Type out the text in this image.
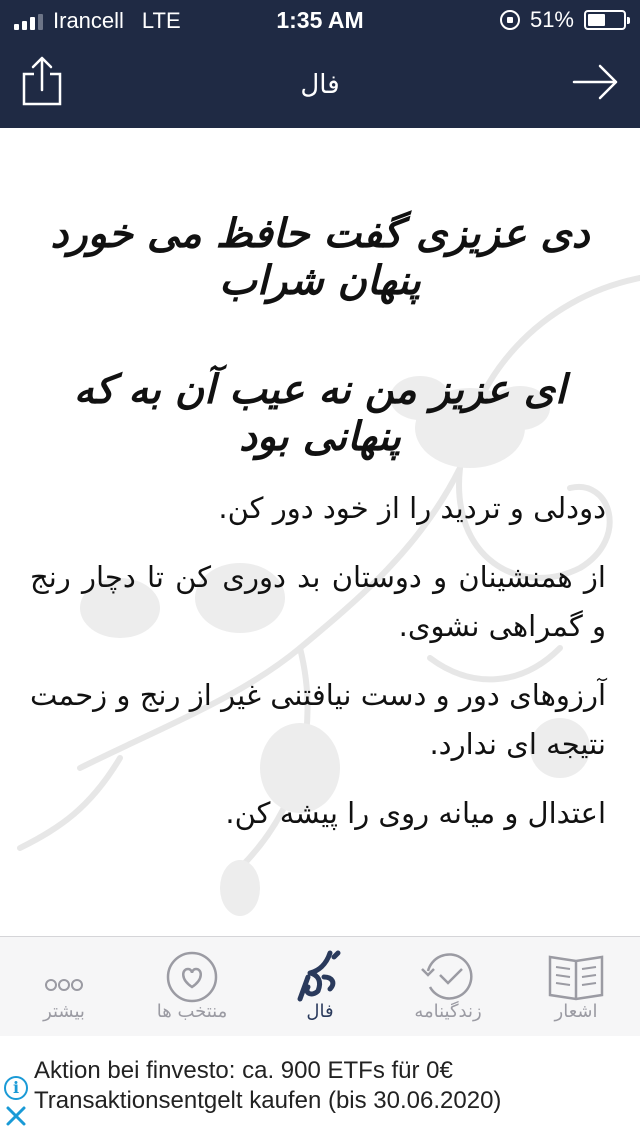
Irancell LTE	1:35 AM	51%
فال
دی عزیزی گفت حافظ می خورد پنهان شراب
ای عزیز من نه عیب آن به که پنهانی بود

دودلی و تردید را از خود دور کن.

از همنشینان و دوستان بد دوری کن تا دچار رنج و گمراهی نشوی.

آرزوهای دور و دست نیافتنی غیر از رنج و زحمت نتیجه ای ندارد.

اعتدال و میانه روی را پیشه کن.

بیشتر	منتخب ها	فال	زندگینامه	اشعار
i
Aktion bei finvesto: ca. 900 ETFs für 0€ Transaktionsentgelt kaufen (bis 30.06.2020)
